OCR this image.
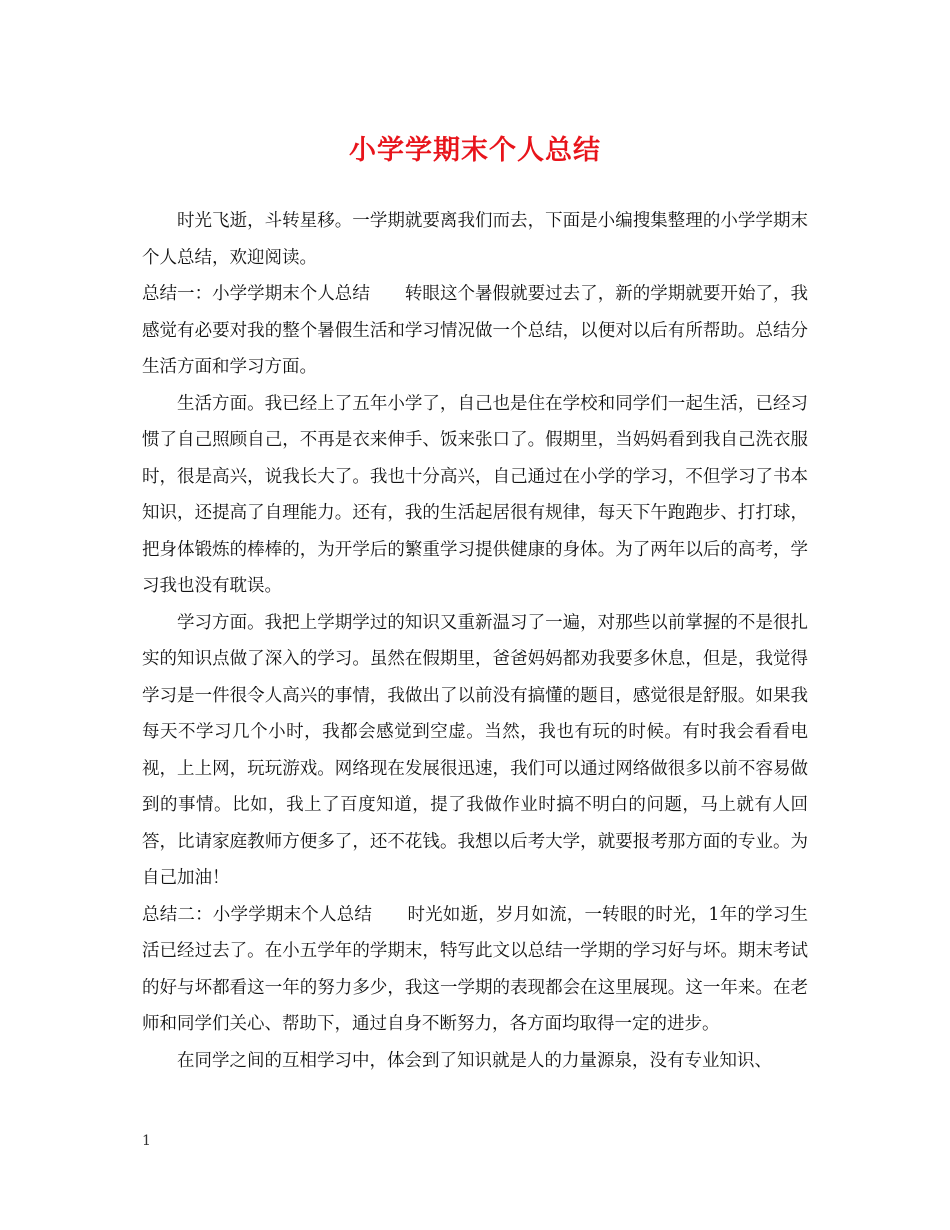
小学学期末个人总结

时光飞逝，斗转星移。一学期就要离我们而去，下面是小编搜集整理的小学学期末个人总结，欢迎阅读。

总结一：小学学期末个人总结　　转眼这个暑假就要过去了，新的学期就要开始了，我感觉有必要对我的整个暑假生活和学习情况做一个总结，以便对以后有所帮助。总结分生活方面和学习方面。

生活方面。我已经上了五年小学了，自己也是住在学校和同学们一起生活，已经习惯了自己照顾自己，不再是衣来伸手、饭来张口了。假期里，当妈妈看到我自己洗衣服时，很是高兴，说我长大了。我也十分高兴，自己通过在小学的学习，不但学习了书本知识，还提高了自理能力。还有，我的生活起居很有规律，每天下午跑跑步、打打球，把身体锻炼的棒棒的，为开学后的繁重学习提供健康的身体。为了两年以后的高考，学习我也没有耽误。

学习方面。我把上学期学过的知识又重新温习了一遍，对那些以前掌握的不是很扎实的知识点做了深入的学习。虽然在假期里，爸爸妈妈都劝我要多休息，但是，我觉得学习是一件很令人高兴的事情，我做出了以前没有搞懂的题目，感觉很是舒服。如果我每天不学习几个小时，我都会感觉到空虚。当然，我也有玩的时候。有时我会看看电视，上上网，玩玩游戏。网络现在发展很迅速，我们可以通过网络做很多以前不容易做到的事情。比如，我上了百度知道，提了我做作业时搞不明白的问题，马上就有人回答，比请家庭教师方便多了，还不花钱。我想以后考大学，就要报考那方面的专业。为自己加油！

总结二：小学学期末个人总结　　时光如逝，岁月如流，一转眼的时光，1年的学习生活已经过去了。在小五学年的学期末，特写此文以总结一学期的学习好与坏。期末考试的好与坏都看这一年的努力多少，我这一学期的表现都会在这里展现。这一年来。在老师和同学们关心、帮助下，通过自身不断努力，各方面均取得一定的进步。

在同学之间的互相学习中，体会到了知识就是人的力量源泉，没有专业知识、

1
